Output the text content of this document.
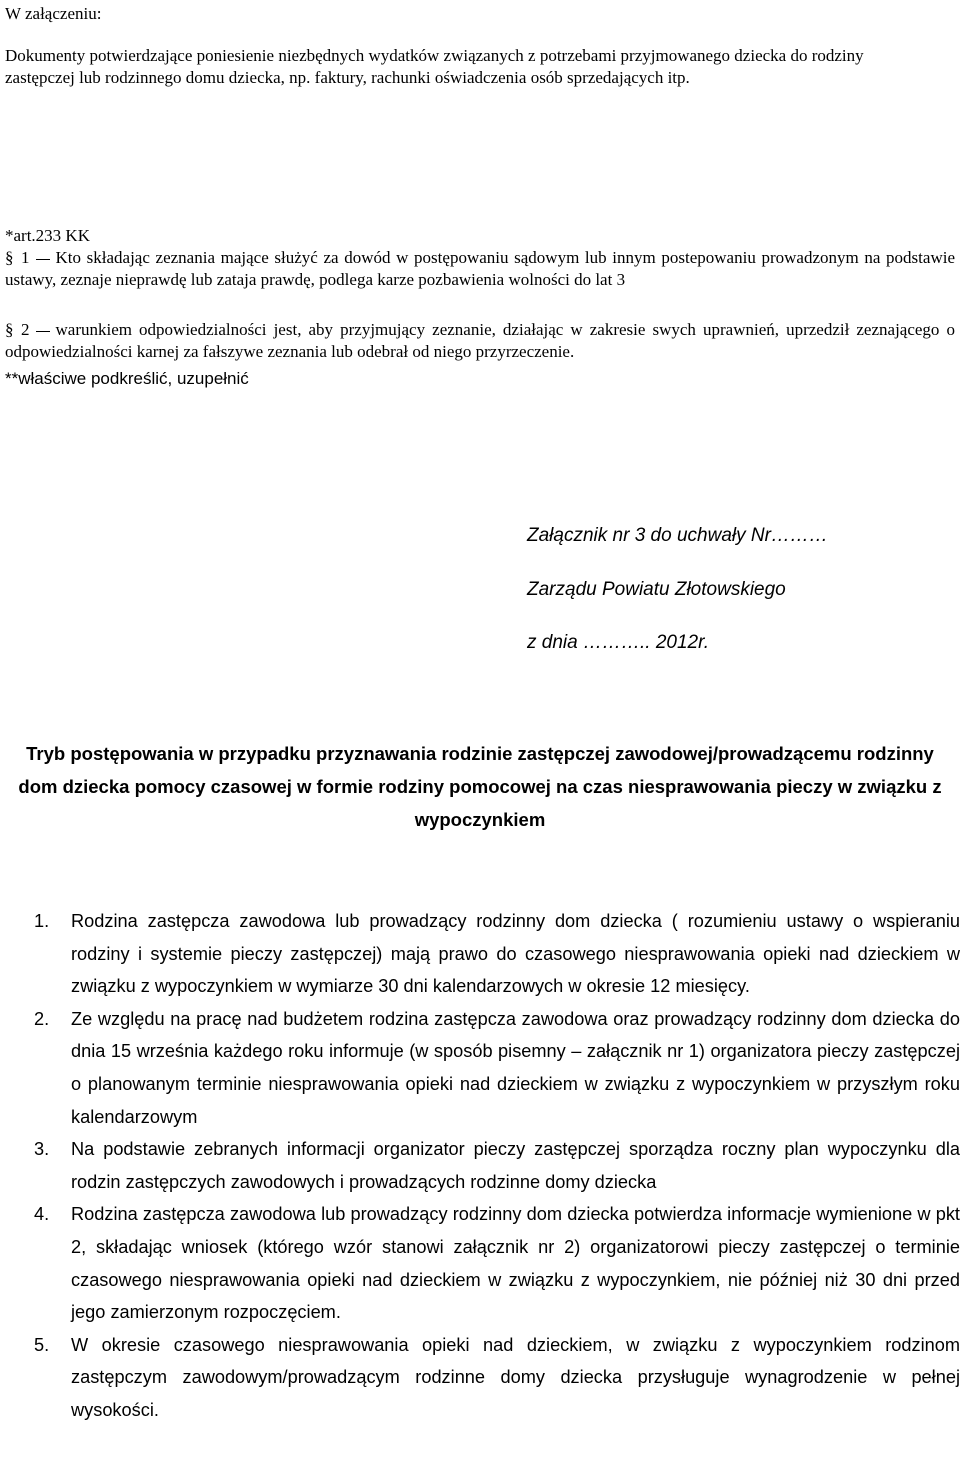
W załączeniu:
Dokumenty potwierdzające poniesienie niezbędnych wydatków związanych z potrzebami przyjmowanego dziecka do rodziny zastępczej lub rodzinnego domu dziecka, np. faktury, rachunki oświadczenia osób sprzedających itp.
*art.233 KK
§ 1 Kto składając zeznania mające służyć za dowód w postępowaniu sądowym lub innym postepowaniu prowadzonym na podstawie ustawy, zeznaje nieprawdę lub zataja prawdę, podlega karze pozbawienia wolności do lat 3
§ 2 warunkiem odpowiedzialności jest, aby przyjmujący zeznanie, działając w zakresie swych uprawnień, uprzedził zeznającego o odpowiedzialności karnej za fałszywe zeznania lub odebrał od niego przyrzeczenie.
**właściwe podkreślić, uzupełnić
Załącznik nr 3 do uchwały Nr………
Zarządu Powiatu Złotowskiego
z dnia ……….. 2012r.
Tryb postępowania w przypadku przyznawania rodzinie zastępczej zawodowej/prowadzącemu rodzinny dom dziecka pomocy czasowej w formie rodziny pomocowej na czas niesprawowania pieczy w związku z wypoczynkiem
1. Rodzina zastępcza zawodowa lub prowadzący rodzinny dom dziecka ( rozumieniu ustawy o wspieraniu rodziny i systemie pieczy zastępczej) mają prawo do czasowego niesprawowania opieki nad dzieckiem w związku z wypoczynkiem w wymiarze 30 dni kalendarzowych w okresie 12 miesięcy.
2. Ze względu na pracę nad budżetem rodzina zastępcza zawodowa oraz prowadzący rodzinny dom dziecka do dnia 15 września każdego roku informuje (w sposób pisemny – załącznik nr 1) organizatora pieczy zastępczej o planowanym terminie niesprawowania opieki nad dzieckiem w związku z wypoczynkiem w przyszłym roku kalendarzowym
3. Na podstawie zebranych informacji organizator pieczy zastępczej sporządza roczny plan wypoczynku dla rodzin zastępczych zawodowych i prowadzących rodzinne domy dziecka
4. Rodzina zastępcza zawodowa lub prowadzący rodzinny dom dziecka potwierdza informacje wymienione w pkt 2, składając wniosek (którego wzór stanowi załącznik nr 2) organizatorowi pieczy zastępczej o terminie czasowego niesprawowania opieki nad dzieckiem w związku z wypoczynkiem, nie później niż 30 dni przed jego zamierzonym rozpoczęciem.
5. W okresie czasowego niesprawowania opieki nad dzieckiem, w związku z wypoczynkiem rodzinom zastępczym zawodowym/prowadzącym rodzinne domy dziecka przysługuje wynagrodzenie w pełnej wysokości.
